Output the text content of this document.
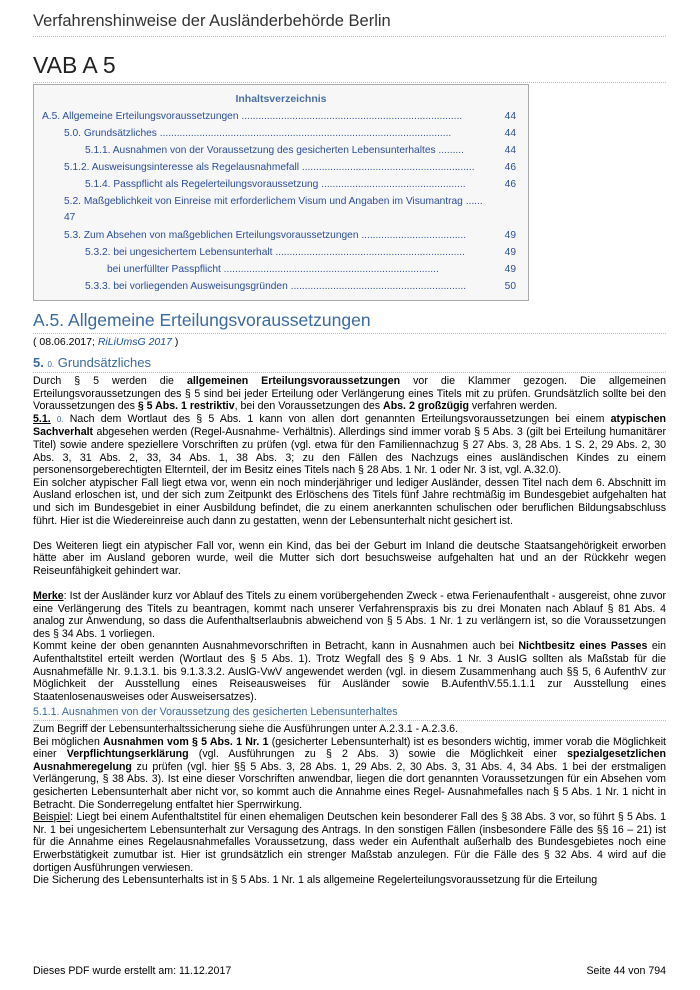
Verfahrenshinweise der Ausländerbehörde Berlin
VAB A 5
Inhaltsverzeichnis
A.5. Allgemeine Erteilungsvoraussetzungen ..............................................................................	44
5.0. Grundsätzliches .......................................................................................................	44
5.1.1. Ausnahmen von der Voraussetzung des gesicherten Lebensunterhaltes .........	44
5.1.2. Ausweisungsinteresse als Regelausnahmefall .............................................................	46
5.1.4. Passpflicht als Regelerteilungsvoraussetzung ...................................................	46
5.2. Maßgeblichkeit von Einreise mit erforderlichem Visum und Angaben im Visumantrag ......
47
5.3. Zum Absehen von maßgeblichen Erteilungsvoraussetzungen .....................................	49
5.3.2. bei ungesichertem Lebensunterhalt ...................................................................	49
bei unerfüllter Passpflicht ............................................................................	49
5.3.3. bei vorliegenden Ausweisungsgründen ..............................................................	50
A.5. Allgemeine Erteilungsvoraussetzungen
( 08.06.2017; RiLiUmsG 2017 )
5. 0. Grundsätzliches

Durch § 5 werden die allgemeinen Erteilungsvoraussetzungen vor die Klammer gezogen. Die allgemeinen Erteilungsvoraussetzungen des § 5 sind bei jeder Erteilung oder Verlängerung eines Titels mit zu prüfen. Grundsätzlich sollte bei den Voraussetzungen des § 5 Abs. 1 restriktiv, bei den Voraussetzungen des Abs. 2 großzügig verfahren werden.

5.1. 0. Nach dem Wortlaut des § 5 Abs. 1 kann von allen dort genannten Erteilungsvoraussetzungen bei einem atypischen Sachverhalt abgesehen werden (Regel-Ausnahme- Verhältnis). Allerdings sind immer vorab § 5 Abs. 3 (gilt bei Erteilung humanitärer Titel) sowie andere speziellere Vorschriften zu prüfen (vgl. etwa für den Familiennachzug § 27 Abs. 3, 28 Abs. 1 S. 2, 29 Abs. 2, 30 Abs. 3, 31 Abs. 2, 33, 34 Abs. 1, 38 Abs. 3; zu den Fällen des Nachzugs eines ausländischen Kindes zu einem personensorgeberechtigten Elternteil, der im Besitz eines Titels nach § 28 Abs. 1 Nr. 1 oder Nr. 3 ist, vgl. A.32.0).

Ein solcher atypischer Fall liegt etwa vor, wenn ein noch minderjähriger und lediger Ausländer, dessen Titel nach dem 6. Abschnitt im Ausland erloschen ist, und der sich zum Zeitpunkt des Erlöschens des Titels fünf Jahre rechtmäßig im Bundesgebiet aufgehalten hat und sich im Bundesgebiet in einer Ausbildung befindet, die zu einem anerkannten schulischen oder beruflichen Bildungsabschluss führt. Hier ist die Wiedereinreise auch dann zu gestatten, wenn der Lebensunterhalt nicht gesichert ist.

Des Weiteren liegt ein atypischer Fall vor, wenn ein Kind, das bei der Geburt im Inland die deutsche Staatsangehörigkeit erworben hätte aber im Ausland geboren wurde, weil die Mutter sich dort besuchsweise aufgehalten hat und an der Rückkehr wegen Reiseunfähigkeit gehindert war.

Merke: Ist der Ausländer kurz vor Ablauf des Titels zu einem vorübergehenden Zweck - etwa Ferienaufenthalt - ausgereist, ohne zuvor eine Verlängerung des Titels zu beantragen, kommt nach unserer Verfahrenspraxis bis zu drei Monaten nach Ablauf § 81 Abs. 4 analog zur Anwendung, so dass die Aufenthaltserlaubnis abweichend von § 5 Abs. 1 Nr. 1 zu verlängern ist, so die Voraussetzungen des § 34 Abs. 1 vorliegen.

Kommt keine der oben genannten Ausnahmevorschriften in Betracht, kann in Ausnahmen auch bei Nichtbesitz eines Passes ein Aufenthaltstitel erteilt werden (Wortlaut des § 5 Abs. 1). Trotz Wegfall des § 9 Abs. 1 Nr. 3 AusIG sollten als Maßstab für die Ausnahmefälle Nr. 9.1.3.1. bis 9.1.3.3.2. AuslG-VwV angewendet werden (vgl. in diesem Zusammenhang auch §§ 5, 6 AufenthV zur Möglichkeit der Ausstellung eines Reiseausweises für Ausländer sowie B.AufenthV.55.1.1.1 zur Ausstellung eines Staatenlosenausweises oder Ausweisersatzes).

5.1.1. Ausnahmen von der Voraussetzung des gesicherten Lebensunterhaltes

Zum Begriff der Lebensunterhaltssicherung siehe die Ausführungen unter A.2.3.1 - A.2.3.6.

Bei möglichen Ausnahmen vom § 5 Abs. 1 Nr. 1 (gesicherter Lebensunterhalt) ist es besonders wichtig, immer vorab die Möglichkeit einer Verpflichtungserklärung (vgl. Ausführungen zu § 2 Abs. 3) sowie die Möglichkeit einer spezialgesetzlichen Ausnahmeregelung zu prüfen (vgl. hier §§ 5 Abs. 3, 28 Abs. 1, 29 Abs. 2, 30 Abs. 3, 31 Abs. 4, 34 Abs. 1 bei der erstmaligen Verlängerung, § 38 Abs. 3). Ist eine dieser Vorschriften anwendbar, liegen die dort genannten Voraussetzungen für ein Absehen vom gesicherten Lebensunterhalt aber nicht vor, so kommt auch die Annahme eines Regel- Ausnahmefalles nach § 5 Abs. 1 Nr. 1 nicht in Betracht. Die Sonderregelung entfaltet hier Sperrwirkung.

Beispiel: Liegt bei einem Aufenthaltstitel für einen ehemaligen Deutschen kein besonderer Fall des § 38 Abs. 3 vor, so führt § 5 Abs. 1 Nr. 1 bei ungesichertem Lebensunterhalt zur Versagung des Antrags. In den sonstigen Fällen (insbesondere Fälle des §§ 16 – 21) ist für die Annahme eines Regelausnahmefalles Voraussetzung, dass weder ein Aufenthalt außerhalb des Bundesgebietes noch eine Erwerbstätigkeit zumutbar ist. Hier ist grundsätzlich ein strenger Maßstab anzulegen. Für die Fälle des § 32 Abs. 4 wird auf die dortigen Ausführungen verwiesen.

Die Sicherung des Lebensunterhalts ist in § 5 Abs. 1 Nr. 1 als allgemeine Regelerteilungsvoraussetzung für die Erteilung

Dieses PDF wurde erstellt am: 11.12.2017	Seite 44 von 794
